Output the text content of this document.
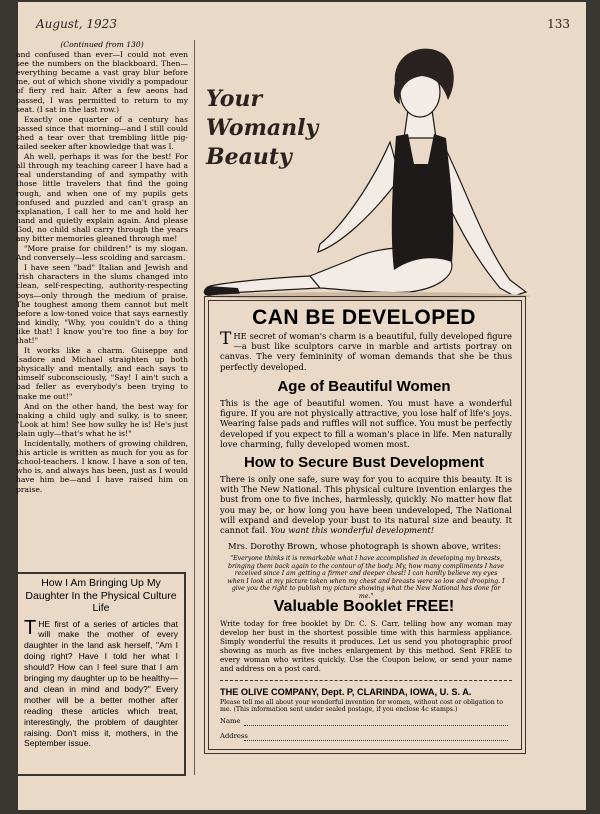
August, 1923	133

(Continued from 130)

and confused than ever—I could not even see the numbers on the blackboard. Then—everything became a vast gray blur before me, out of which shone vividly a pompadour of fiery red hair. After a few aeons had passed, I was permitted to return to my seat. (I sat in the last row.)

Exactly one quarter of a century has passed since that morning—and I still could shed a tear over that trembling little pig-tailed seeker after knowledge that was I.

Ah well, perhaps it was for the best! For all through my teaching career I have had a real understanding of and sympathy with those little travelers that find the going rough, and when one of my pupils gets confused and puzzled and can't grasp an explanation, I call her to me and hold her hand and quietly explain again. And please God, no child shall carry through the years any bitter memories gleaned through me!

"More praise for children!" is my slogan. And conversely—less scolding and sarcasm.

I have seen "bad" Italian and Jewish and Irish characters in the slums changed into clean, self-respecting, authority-respecting boys—only through the medium of praise. The toughest among them cannot but melt before a low-toned voice that says earnestly and kindly, "Why, you couldn't do a thing like that! I know you're too fine a boy for that!"

It works like a charm. Guiseppe and Isadore and Michael straighten up both physically and mentally, and each says to himself subconsciously, "Say! I ain't such a bad feller as everybody's been trying to make me out!"

And on the other hand, the best way for making a child ugly and sulky, is to sneer, "Look at him! See how sulky he is! He's just plain ugly—that's what he is!"

Incidentally, mothers of growing children, this article is written as much for you as for school-teachers. I know. I have a son of ten, who is, and always has been, just as I would have him be—and I have raised him on praise.

How I Am Bringing Up My Daughter In the Physical Culture Life
THE first of a series of articles that will make the mother of every daughter in the land ask herself, "Am I doing right? Have I told her what I should? How can I feel sure that I am bringing my daughter up to be healthy—and clean in mind and body?" Every mother will be a better mother after reading these articles which treat, interestingly, the problem of daughter raising. Don't miss it, mothers, in the September issue.
Your
Womanly
Beauty
CAN BE DEVELOPED
THE secret of woman's charm is a beautiful, fully developed figure—a bust like sculptors carve in marble and artists portray on canvas. The very femininity of woman demands that she be thus perfectly developed.
Age of Beautiful Women
This is the age of beautiful women. You must have a wonderful figure. If you are not physically attractive, you lose half of life's joys. Wearing false pads and ruffles will not suffice. You must be perfectly developed if you expect to fill a woman's place in life. Men naturally love charming, fully developed women most.
How to Secure Bust Development
There is only one safe, sure way for you to acquire this beauty. It is with The New National. This physical culture invention enlarges the bust from one to five inches, harmlessly, quickly. No matter how flat you may be, or how long you have been undeveloped, The National will expand and develop your bust to its natural size and beauty. It cannot fail. You want this wonderful development!
Mrs. Dorothy Brown, whose photograph is shown above, writes:
"Everyone thinks it is remarkable what I have accomplished in developing my breasts, bringing them back again to the contour of the body. My, how many compliments I have received since I am getting a firmer and deeper chest! I can hardly believe my eyes when I look at my picture taken when my chest and breasts were so low and drooping. I give you the right to publish my picture showing what the New National has done for me."
Valuable Booklet FREE!
Write today for free booklet by Dr. C. S. Carr, telling how any woman may develop her bust in the shortest possible time with this harmless appliance. Simply wonderful the results it produces. Let us send you photographic proof showing as much as five inches enlargement by this method. Sent FREE to every woman who writes quickly. Use the Coupon below, or send your name and address on a post card.
THE OLIVE COMPANY, Dept. P, CLARINDA, IOWA, U. S. A.
Please tell me all about your wonderful invention for women, without cost or obligation to me. (This information sent under sealed postage, if you enclose 4c stamps.)
Name
Address
